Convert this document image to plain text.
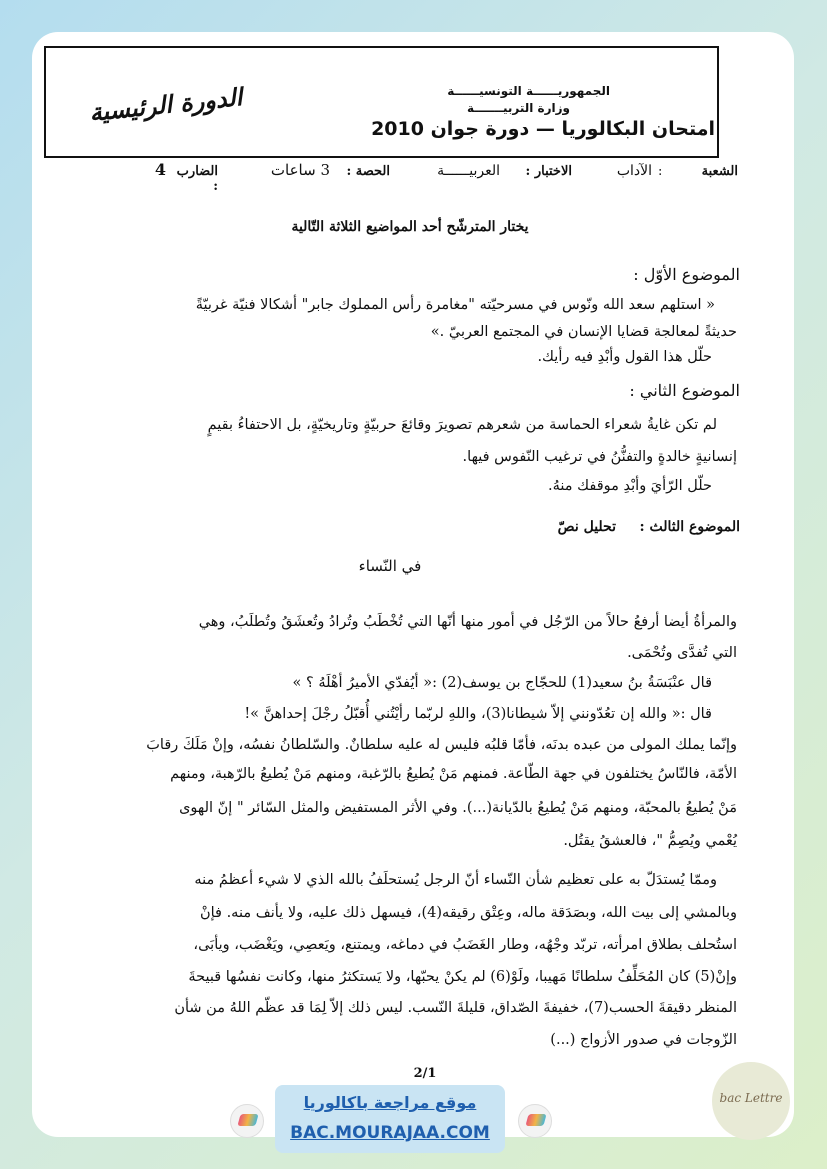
الجمهوريــــــة التونسيــــــة
وزارة التربيـــــــة
الدورة الرئيسية
امتحان البكالوريا — دورة جوان 2010
الشعبة
:
الآداب
الاختبار :
العربيــــــة
الحصة :
3 ساعات
الضارب :
4
يختار المترشّح أحد المواضيع الثلاثة التّالية
الموضوع الأوّل :
« استلهم سعد الله ونّوس في مسرحيّته "مغامرة رأس المملوك جابر" أشكالا فنيّة غربيّةً
حديثةً لمعالجة قضايا الإنسان في المجتمع العربيّ .»
حلّل هذا القول وأبْدِ فيه رأيك.
الموضوع الثاني :
لم تكن غايةُ شعراء الحماسة من شعرهم تصويرَ وقائعَ حربيّةٍ وتاريخيّةٍ، بل الاحتفاءُ بقيمٍ
إنسانيةٍ خالدةٍ والتفنُّنُ في ترغيب النّفوس فيها.
حلّل الرّأيَ وأبْدِ موقفك منهُ.
الموضوع الثالث :
تحليل نصّ
في النّساء
والمرأةُ أيضا أرفعُ حالاً من الرّجُل في أمور منها أنّها التي تُخْطَبُ وتُرادُ وتُعشَقُ وتُطلَبُ، وهي
التي تُفدَّى وتُحْمَى.
قال عنْبَسَةُ بنُ سعيد(1) للحجّاج بن يوسف(2) :« أيُفدّي الأميرُ أهْلَهُ ؟ »
قال :« والله إن تعُدّونني إلاّ شيطانا(3)، واللهِ لربّما رأيْتُني أُقبّلُ رجْلَ إحداهنَّ »!
وإنّما يملك المولى من عبده بدنَه، فأمّا قلبُه فليس له عليه سلطانٌ. والسّلطانُ نفسُه، وإنْ مَلَكَ رقابَ
الأمّة، فالنّاسُ يختلفون في جهة الطّاعة. فمنهم مَنْ يُطيعُ بالرّغبة، ومنهم مَنْ يُطيعُ بالرّهبة، ومنهم
مَنْ يُطيعُ بالمحبّة، ومنهم مَنْ يُطيعُ بالدّيانة(...). وفي الأثر المستفيض والمثل السّائر " إنّ الهوى
يُعْمي ويُصِمُّ "، فالعشقُ يقتُل.
وممّا يُستدَلّ به على تعظيم شأن النّساء أنّ الرجل يُستحلَفُ بالله الذي لا شيء أعظمُ منه
وبالمشي إلى بيت الله، وبصَدَقة ماله، وعِتْق رقيقه(4)، فيسهل ذلك عليه، ولا يأنف منه. فإنْ
استُحلف بطلاق امرأته، تربّد وجْهُه، وطار الغَضَبُ في دماغه، ويمتنع، ويَعصِي، ويَغْضَب، ويأبَى،
وإنْ(5) كان المُحَلِّفُ سلطانًا مَهيبا، ولَوْ(6) لم يكنْ يحبّها، ولا يَستكثرُ منها، وكانت نفسُها قبيحةَ
المنظر دقيقةَ الحسب(7)، خفيفةَ الصّداق، قليلةَ النّسب. ليس ذلك إلاّ لِمَا قد عظّم اللهُ من شأن
الزّوجات في صدور الأزواج (...)
2/1
موقع مراجعة باكالوريا
BAC.MOURAJAA.COM
bac Lettre
